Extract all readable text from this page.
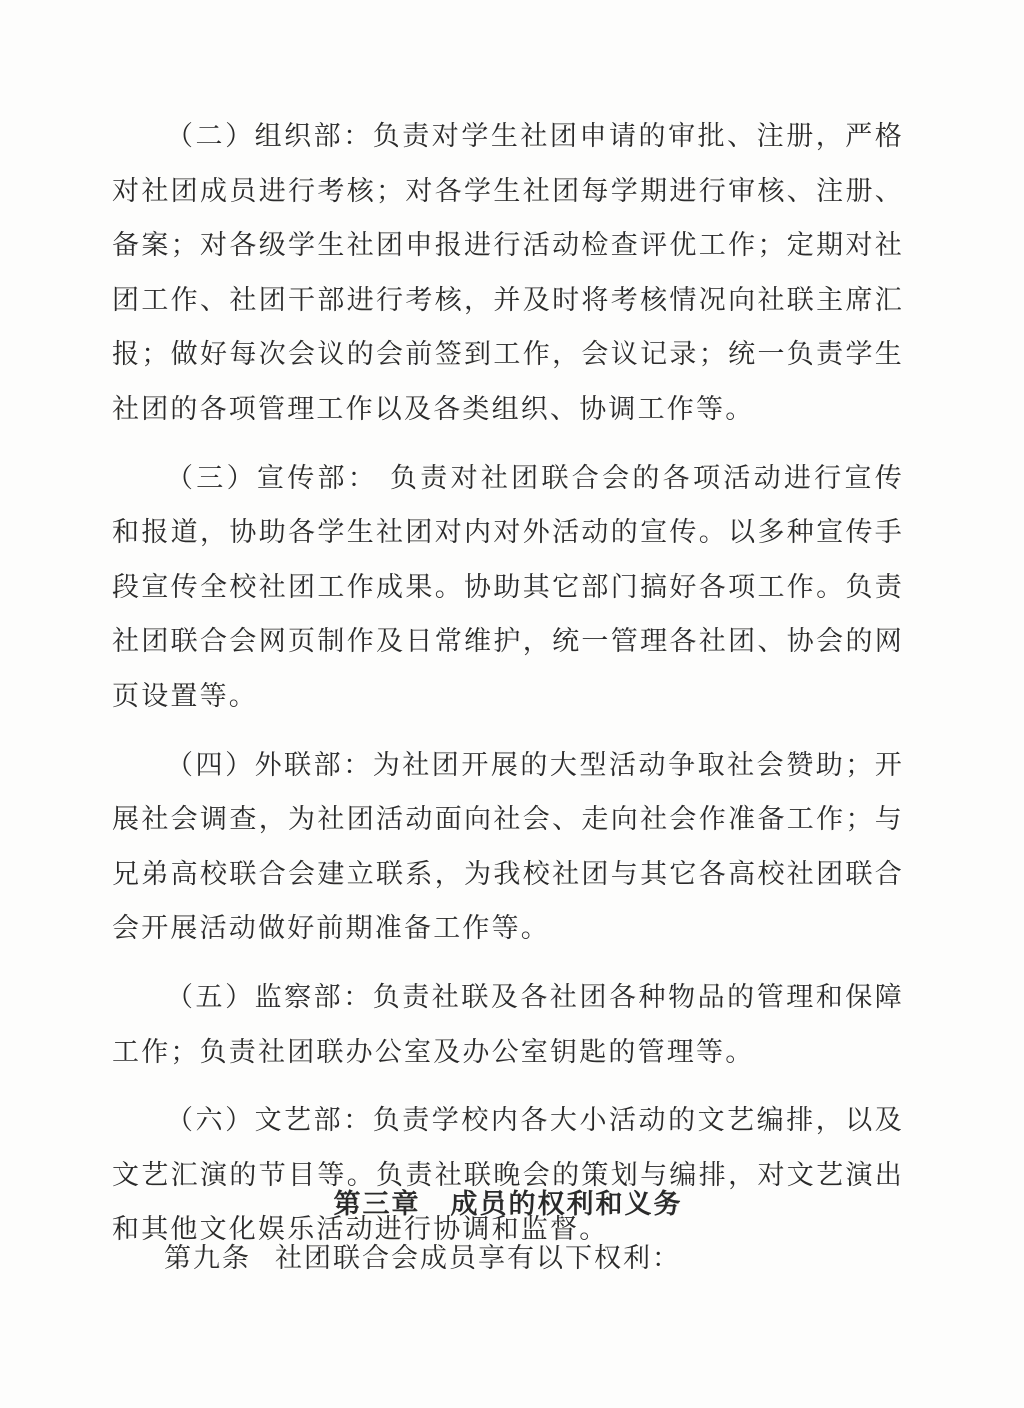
（二）组织部：负责对学生社团申请的审批、注册，严格对社团成员进行考核；对各学生社团每学期进行审核、注册、备案；对各级学生社团申报进行活动检查评优工作；定期对社团工作、社团干部进行考核，并及时将考核情况向社联主席汇报；做好每次会议的会前签到工作，会议记录；统一负责学生社团的各项管理工作以及各类组织、协调工作等。

（三）宣传部： 负责对社团联合会的各项活动进行宣传和报道，协助各学生社团对内对外活动的宣传。以多种宣传手段宣传全校社团工作成果。协助其它部门搞好各项工作。负责社团联合会网页制作及日常维护，统一管理各社团、协会的网页设置等。

（四）外联部：为社团开展的大型活动争取社会赞助；开展社会调查，为社团活动面向社会、走向社会作准备工作；与兄弟高校联合会建立联系，为我校社团与其它各高校社团联合会开展活动做好前期准备工作等。

（五）监察部：负责社联及各社团各种物品的管理和保障工作；负责社团联办公室及办公室钥匙的管理等。

（六）文艺部：负责学校内各大小活动的文艺编排，以及文艺汇演的节目等。负责社联晚会的策划与编排，对文艺演出和其他文化娱乐活动进行协调和监督。

第三章 成员的权利和义务

第九条 社团联合会成员享有以下权利：
